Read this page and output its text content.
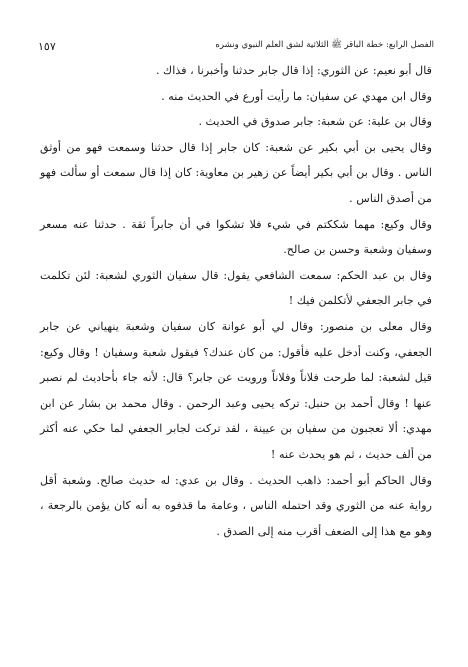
الفصل الرابع: خطة الباقر ﷺ الثلاثية لشق العلم النبوي ونشره
١٥٧

قال أبو نعيم: عن الثوري: إذا قال جابر حدثنا وأخبرنا ، فذاك .

وقال ابن مهدي عن سفيان: ما رأيت أورع في الحديث منه .

وقال بن علية: عن شعبة: جابر صدوق في الحديث .

وقال يحيى بن أبي بكير عن شعبة: كان جابر إذا قال حدثنا وسمعت فهو من أوثق الناس . وقال بن أبي بكير أيضاً عن زهير بن معاوية: كان إذا قال سمعت أو سألت فهو من أصدق الناس .

وقال وكيع: مهما شككتم في شيء فلا تشكوا في أن جابراً ثقة . حدثنا عنه مسعر وسفيان وشعبة وحسن بن صالح.

وقال بن عبد الحكم: سمعت الشافعي يقول: قال سفيان الثوري لشعبة: لئن تكلمت في جابر الجعفي لأتكلمن فيك !

وقال معلى بن منصور: وقال لي أبو عوانة كان سفيان وشعبة ينهياني عن جابر الجعفي، وكنت أدخل عليه فأقول: من كان عندك؟ فيقول شعبة وسفيان ! وقال وكيع: قيل لشعبة: لما طرحت فلاناً وفلاناً ورويت عن جابر؟ قال: لأنه جاء بأحاديث لم نصبر عنها ! وقال أحمد بن حنبل: تركه يحيى وعبد الرحمن . وقال محمد بن بشار عن ابن مهدي: ألا تعجبون من سفيان بن عيينة ، لقد تركت لجابر الجعفي لما حكي عنه أكثر من ألف حديث ، ثم هو يحدث عنه !

وقال الحاكم أبو أحمد: ذاهب الحديث . وقال بن عدي: له حديث صالح. وشعبة أقل رواية عنه من الثوري وقد احتمله الناس ، وعامة ما قذفوه به أنه كان يؤمن بالرجعة ، وهو مع هذا إلى الضعف أقرب منه إلى الصدق .
